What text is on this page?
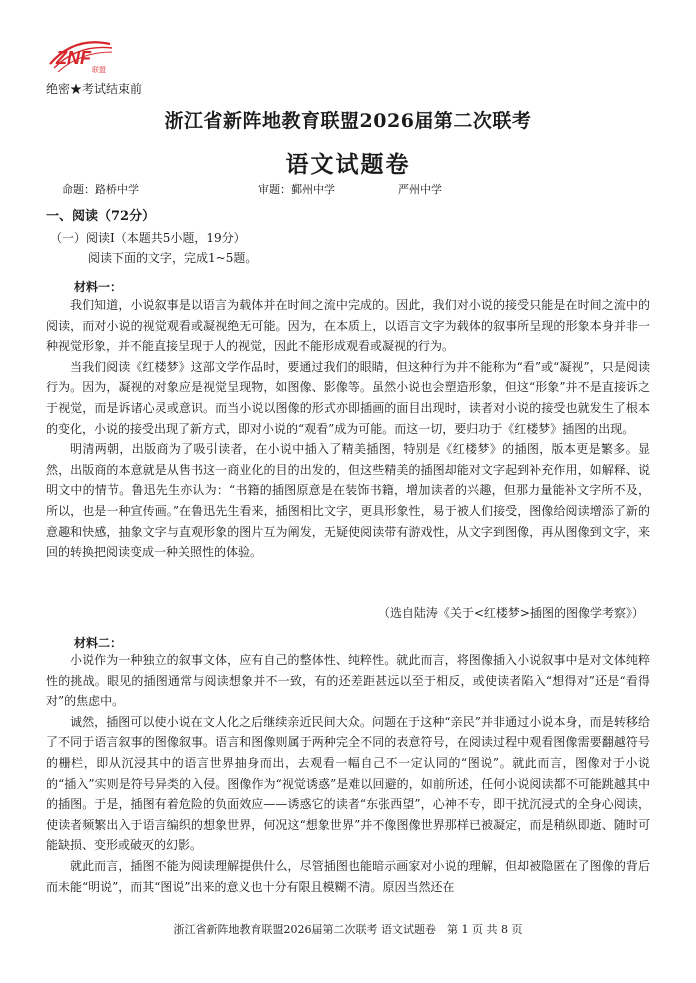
ZNF
联盟
绝密★考试结束前
浙江省新阵地教育联盟2026届第二次联考
语文试题卷
命题：路桥中学	审题：鄞州中学	严州中学
一、阅读（72分）
（一）阅读Ⅰ（本题共5小题，19分）
阅读下面的文字，完成1~5题。
材料一：

我们知道，小说叙事是以语言为载体并在时间之流中完成的。因此，我们对小说的接受只能是在时间之流中的阅读，而对小说的视觉观看或凝视绝无可能。因为，在本质上，以语言文字为载体的叙事所呈现的形象本身并非一种视觉形象，并不能直接呈现于人的视觉，因此不能形成观看或凝视的行为。

当我们阅读《红楼梦》这部文学作品时，要通过我们的眼睛，但这种行为并不能称为“看”或“凝视”，只是阅读行为。因为，凝视的对象应是视觉呈现物，如图像、影像等。虽然小说也会塑造形象，但这“形象”并不是直接诉之于视觉，而是诉诸心灵或意识。而当小说以图像的形式亦即插画的面目出现时，读者对小说的接受也就发生了根本的变化，小说的接受出现了新方式，即对小说的“观看”成为可能。而这一切，要归功于《红楼梦》插图的出现。

明清两朝，出版商为了吸引读者，在小说中插入了精美插图，特别是《红楼梦》的插图，版本更是繁多。显然，出版商的本意就是从售书这一商业化的目的出发的，但这些精美的插图却能对文字起到补充作用，如解释、说明文中的情节。鲁迅先生亦认为：“书籍的插图原意是在装饰书籍，增加读者的兴趣，但那力量能补文字所不及，所以，也是一种宣传画。”在鲁迅先生看来，插图相比文字，更具形象性，易于被人们接受，图像给阅读增添了新的意趣和快感，抽象文字与直观形象的图片互为阐发，无疑使阅读带有游戏性，从文字到图像，再从图像到文字，来回的转换把阅读变成一种关照性的体验。

（选自陆涛《关于<红楼梦>插图的图像学考察》）
材料二：

小说作为一种独立的叙事文体，应有自己的整体性、纯粹性。就此而言，将图像插入小说叙事中是对文体纯粹性的挑战。眼见的插图通常与阅读想象并不一致，有的还差距甚远以至于相反，或使读者陷入“想得对”还是“看得对”的焦虑中。

诚然，插图可以使小说在文人化之后继续亲近民间大众。问题在于这种“亲民”并非通过小说本身，而是转移给了不同于语言叙事的图像叙事。语言和图像则属于两种完全不同的表意符号，在阅读过程中观看图像需要翻越符号的栅栏，即从沉浸其中的语言世界抽身而出，去观看一幅自己不一定认同的“图说”。就此而言，图像对于小说的“插入”实则是符号异类的入侵。图像作为“视觉诱惑”是难以回避的，如前所述，任何小说阅读都不可能跳越其中的插图。于是，插图有着危险的负面效应——诱惑它的读者“东张西望”，心神不专，即干扰沉浸式的全身心阅读，使读者频繁出入于语言编织的想象世界，何况这“想象世界”并不像图像世界那样已被凝定，而是稍纵即逝、随时可能缺损、变形或破灭的幻影。

就此而言，插图不能为阅读理解提供什么，尽管插图也能暗示画家对小说的理解，但却被隐匿在了图像的背后而未能“明说”，而其“图说”出来的意义也十分有限且模糊不清。原因当然还在

浙江省新阵地教育联盟2026届第二次联考 语文试题卷　第 1 页 共 8 页
